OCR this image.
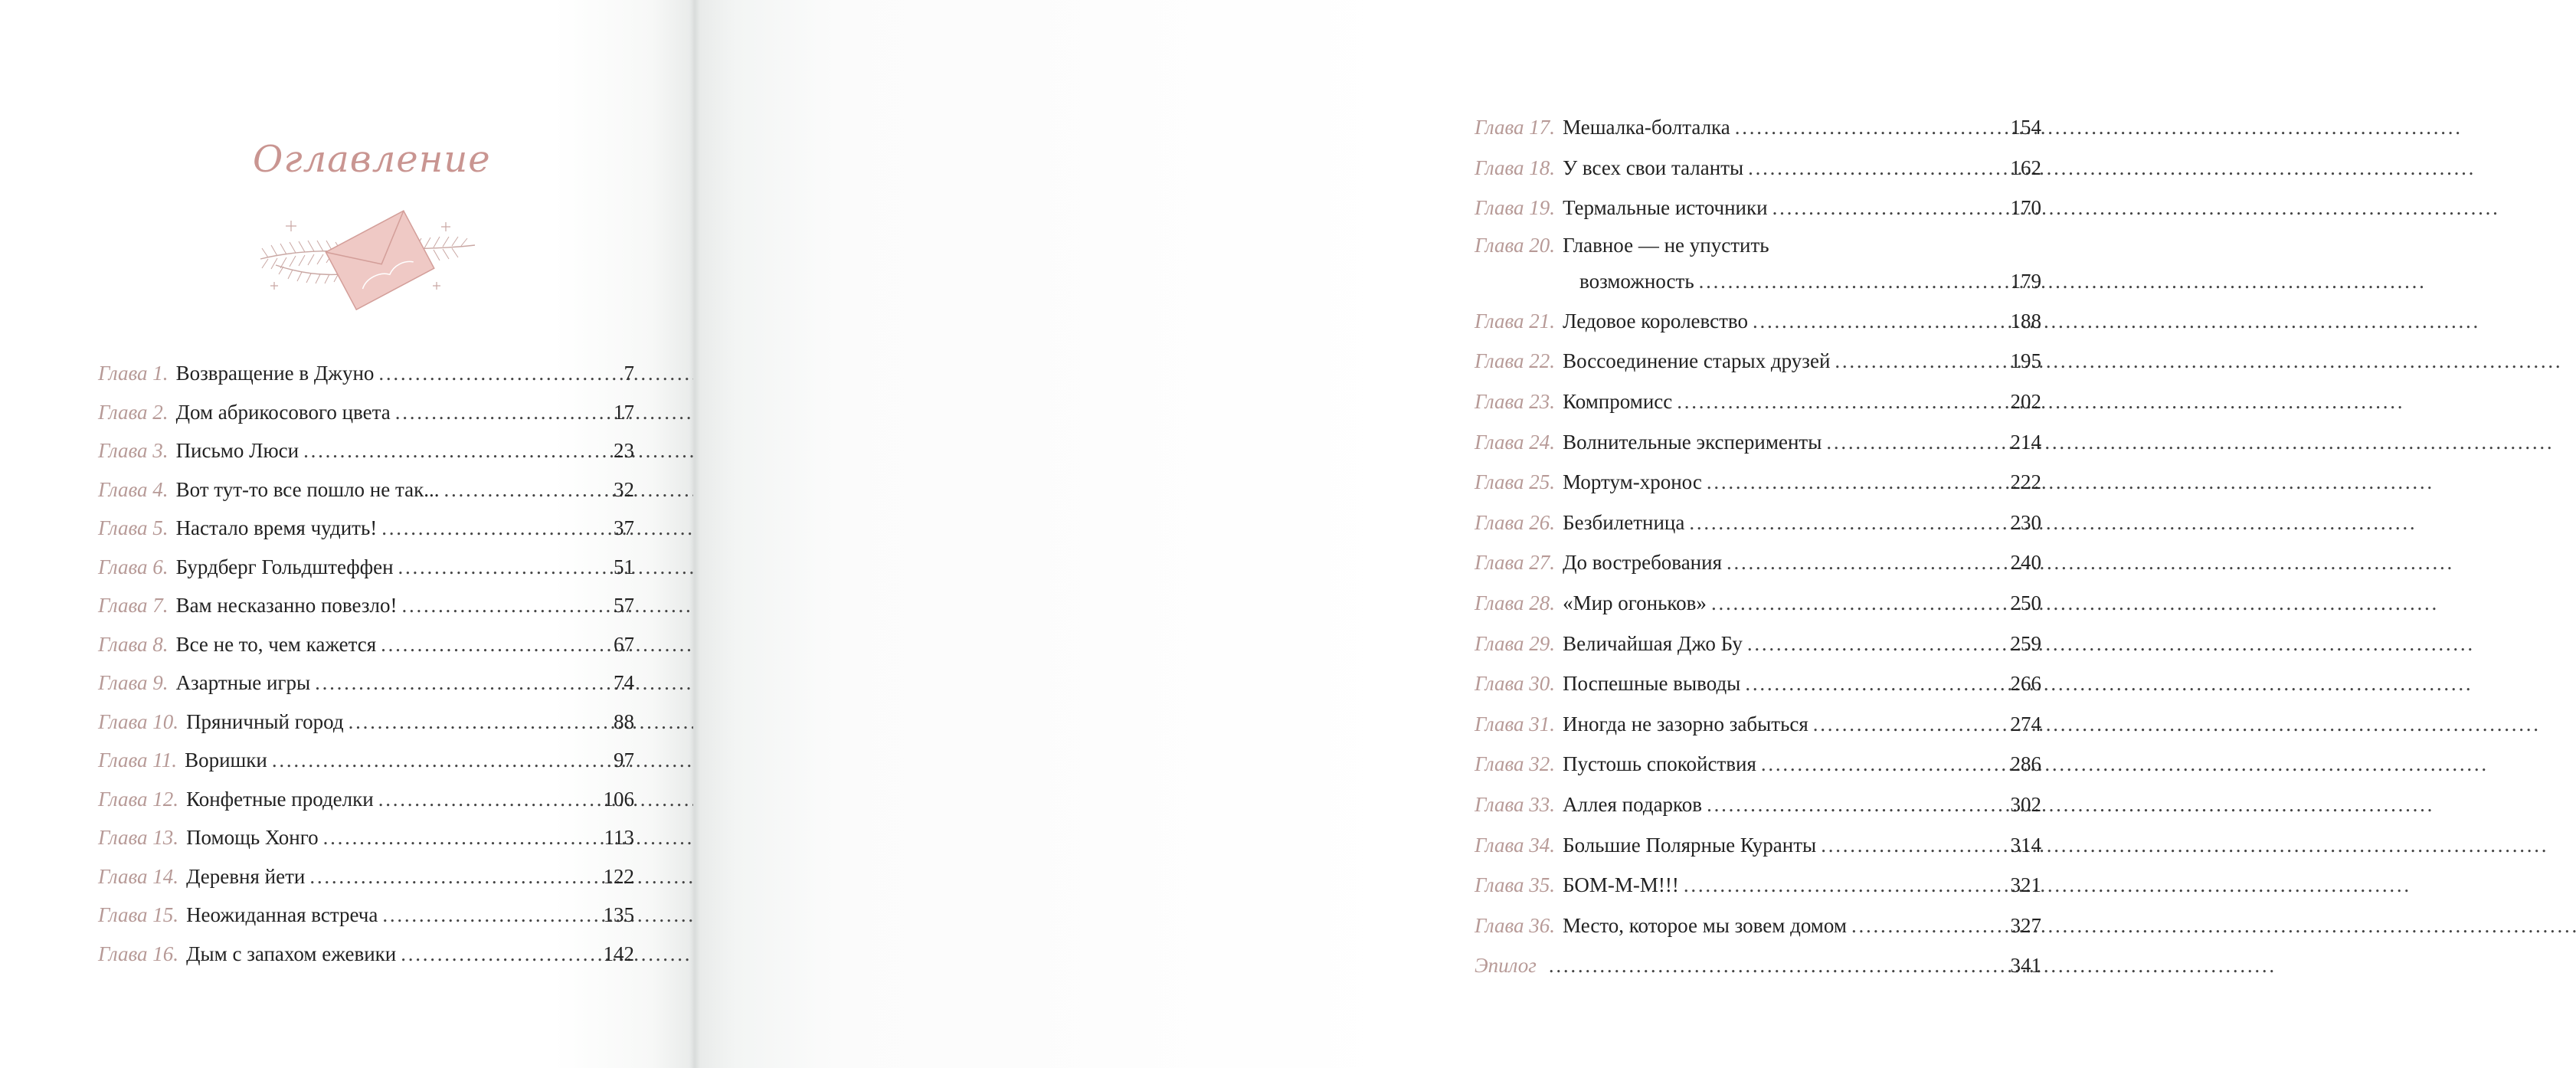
Оглавление
Глава 1. Возвращение в Джуно . . .	7
Глава 2. Дом абрикосового цвета . . .	17
Глава 3. Письмо Люси . . .	23
Глава 4. Вот тут-то все пошло не так... . . .	32
Глава 5. Настало время чудить! . . .	37
Глава 6. Бурдберг Гольдштеффен . . .	51
Глава 7. Вам несказанно повезло! . . .	57
Глава 8. Все не то, чем кажется . . .	67
Глава 9. Азартные игры . . .	74
Глава 10. Пряничный город . . .	88
Глава 11. Воришки . . .	97
Глава 12. Конфетные проделки . . .	106
Глава 13. Помощь Хонго . . .	113
Глава 14. Деревня йети . . .	122
Глава 15. Неожиданная встреча . . .	135
Глава 16. Дым с запахом ежевики . . .	142
Глава 17. Мешалка-болталка . . .	154
Глава 18. У всех свои таланты . . .	162
Глава 19. Термальные источники . . .	170
Глава 20. Главное — не упустить
возможность . . .	179
Глава 21. Ледовое королевство . . .	188
Глава 22. Воссоединение старых друзей . . .	195
Глава 23. Компромисс . . .	202
Глава 24. Волнительные эксперименты . . .	214
Глава 25. Мортум-хронос . . .	222
Глава 26. Безбилетница . . .	230
Глава 27. До востребования . . .	240
Глава 28. «Мир огоньков» . . .	250
Глава 29. Величайшая Джо Бу . . .	259
Глава 30. Поспешные выводы . . .	266
Глава 31. Иногда не зазорно забыться . . .	274
Глава 32. Пустошь спокойствия . . .	286
Глава 33. Аллея подарков . . .	302
Глава 34. Большие Полярные Куранты . . .	314
Глава 35. БОМ-М-М!!! . . .	321
Глава 36. Место, которое мы зовем домом . . .	327
Эпилог . . .	341
